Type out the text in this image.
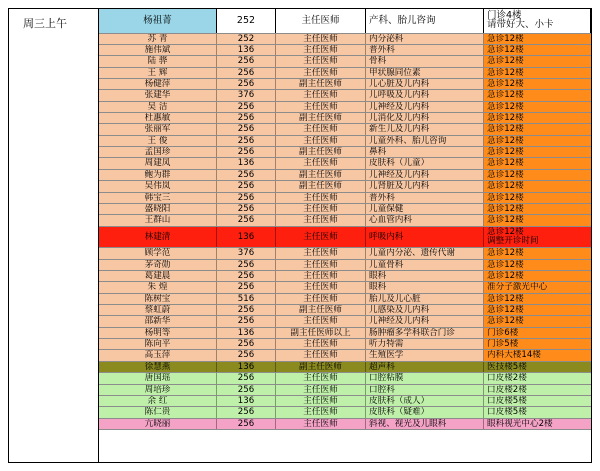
周三上午	杨祖菁	252	主任医师	产科、胎儿咨询	门诊4楼
请带好大、小卡
苏 青	252	主任医师	内分泌科	急诊12楼
施伟斌	136	主任医师	普外科	急诊12楼
陆 骅	256	主任医师	骨科	急诊12楼
王 辉	256	主任医师	甲状腺同位素	急诊12楼
杨健萍	256	副主任医师	儿心脏及儿内科	急诊12楼
张建华	376	主任医师	儿呼吸及儿内科	急诊12楼
吴 洁	256	主任医师	儿神经及儿内科	急诊12楼
杜惠敏	256	副主任医师	儿消化及儿内科	急诊12楼
张丽军	256	主任医师	新生儿及儿内科	急诊12楼
王 俊	256	主任医师	儿童外科、胎儿咨询	急诊12楼
孟国珍	256	副主任医师	鼻科	急诊12楼
周建凤	136	主任医师	皮肤科（儿童）	急诊12楼
鲍为群	256	副主任医师	儿神经及儿内科	急诊12楼
吴伟岚	256	副主任医师	儿肾脏及儿内科	急诊12楼
韩宝三	256	主任医师	普外科	急诊12楼
盛晓阳	256	主任医师	儿童保健	急诊12楼
王群山	256	主任医师	心血管内科	急诊12楼
林建清	136	主任医师	呼吸内科	急诊12楼
调整开诊时间
顾学范	376	主任医师	儿童内分泌、遗传代谢	急诊12楼
茅奇勋	256	主任医师	儿童骨科	急诊12楼
葛建晨	256	主任医师	眼科	急诊12楼
朱 煌	256	主任医师	眼科	准分子激光中心
陈树宝	516	主任医师	胎儿及儿心脏	急诊12楼
蔡虹蔚	256	副主任医师	儿感染及儿内科	急诊12楼
邵新华	256	主任医师	儿神经及儿内科	急诊12楼
杨明等	136	副主任医师以上	肠肿瘤多学科联合门诊	门诊6楼
陈向平	256	主任医师	听力特需	门诊5楼
高玉萍	256	主任医师	生殖医学	内科大楼14楼
徐慧燕	136	副主任医师	超声科	医技楼5楼
唐国瑶	256	主任医师	口腔粘膜	口皮楼2楼
周培珍	256	主任医师	口腔科	口皮楼2楼
余 红	136	主任医师	皮肤科（成人）	口皮楼5楼
陈仁贵	256	主任医师	皮肤科（疑难）	口皮楼5楼
亢晓丽	256	主任医师	斜视、视光及儿眼科	眼科视光中心2楼
